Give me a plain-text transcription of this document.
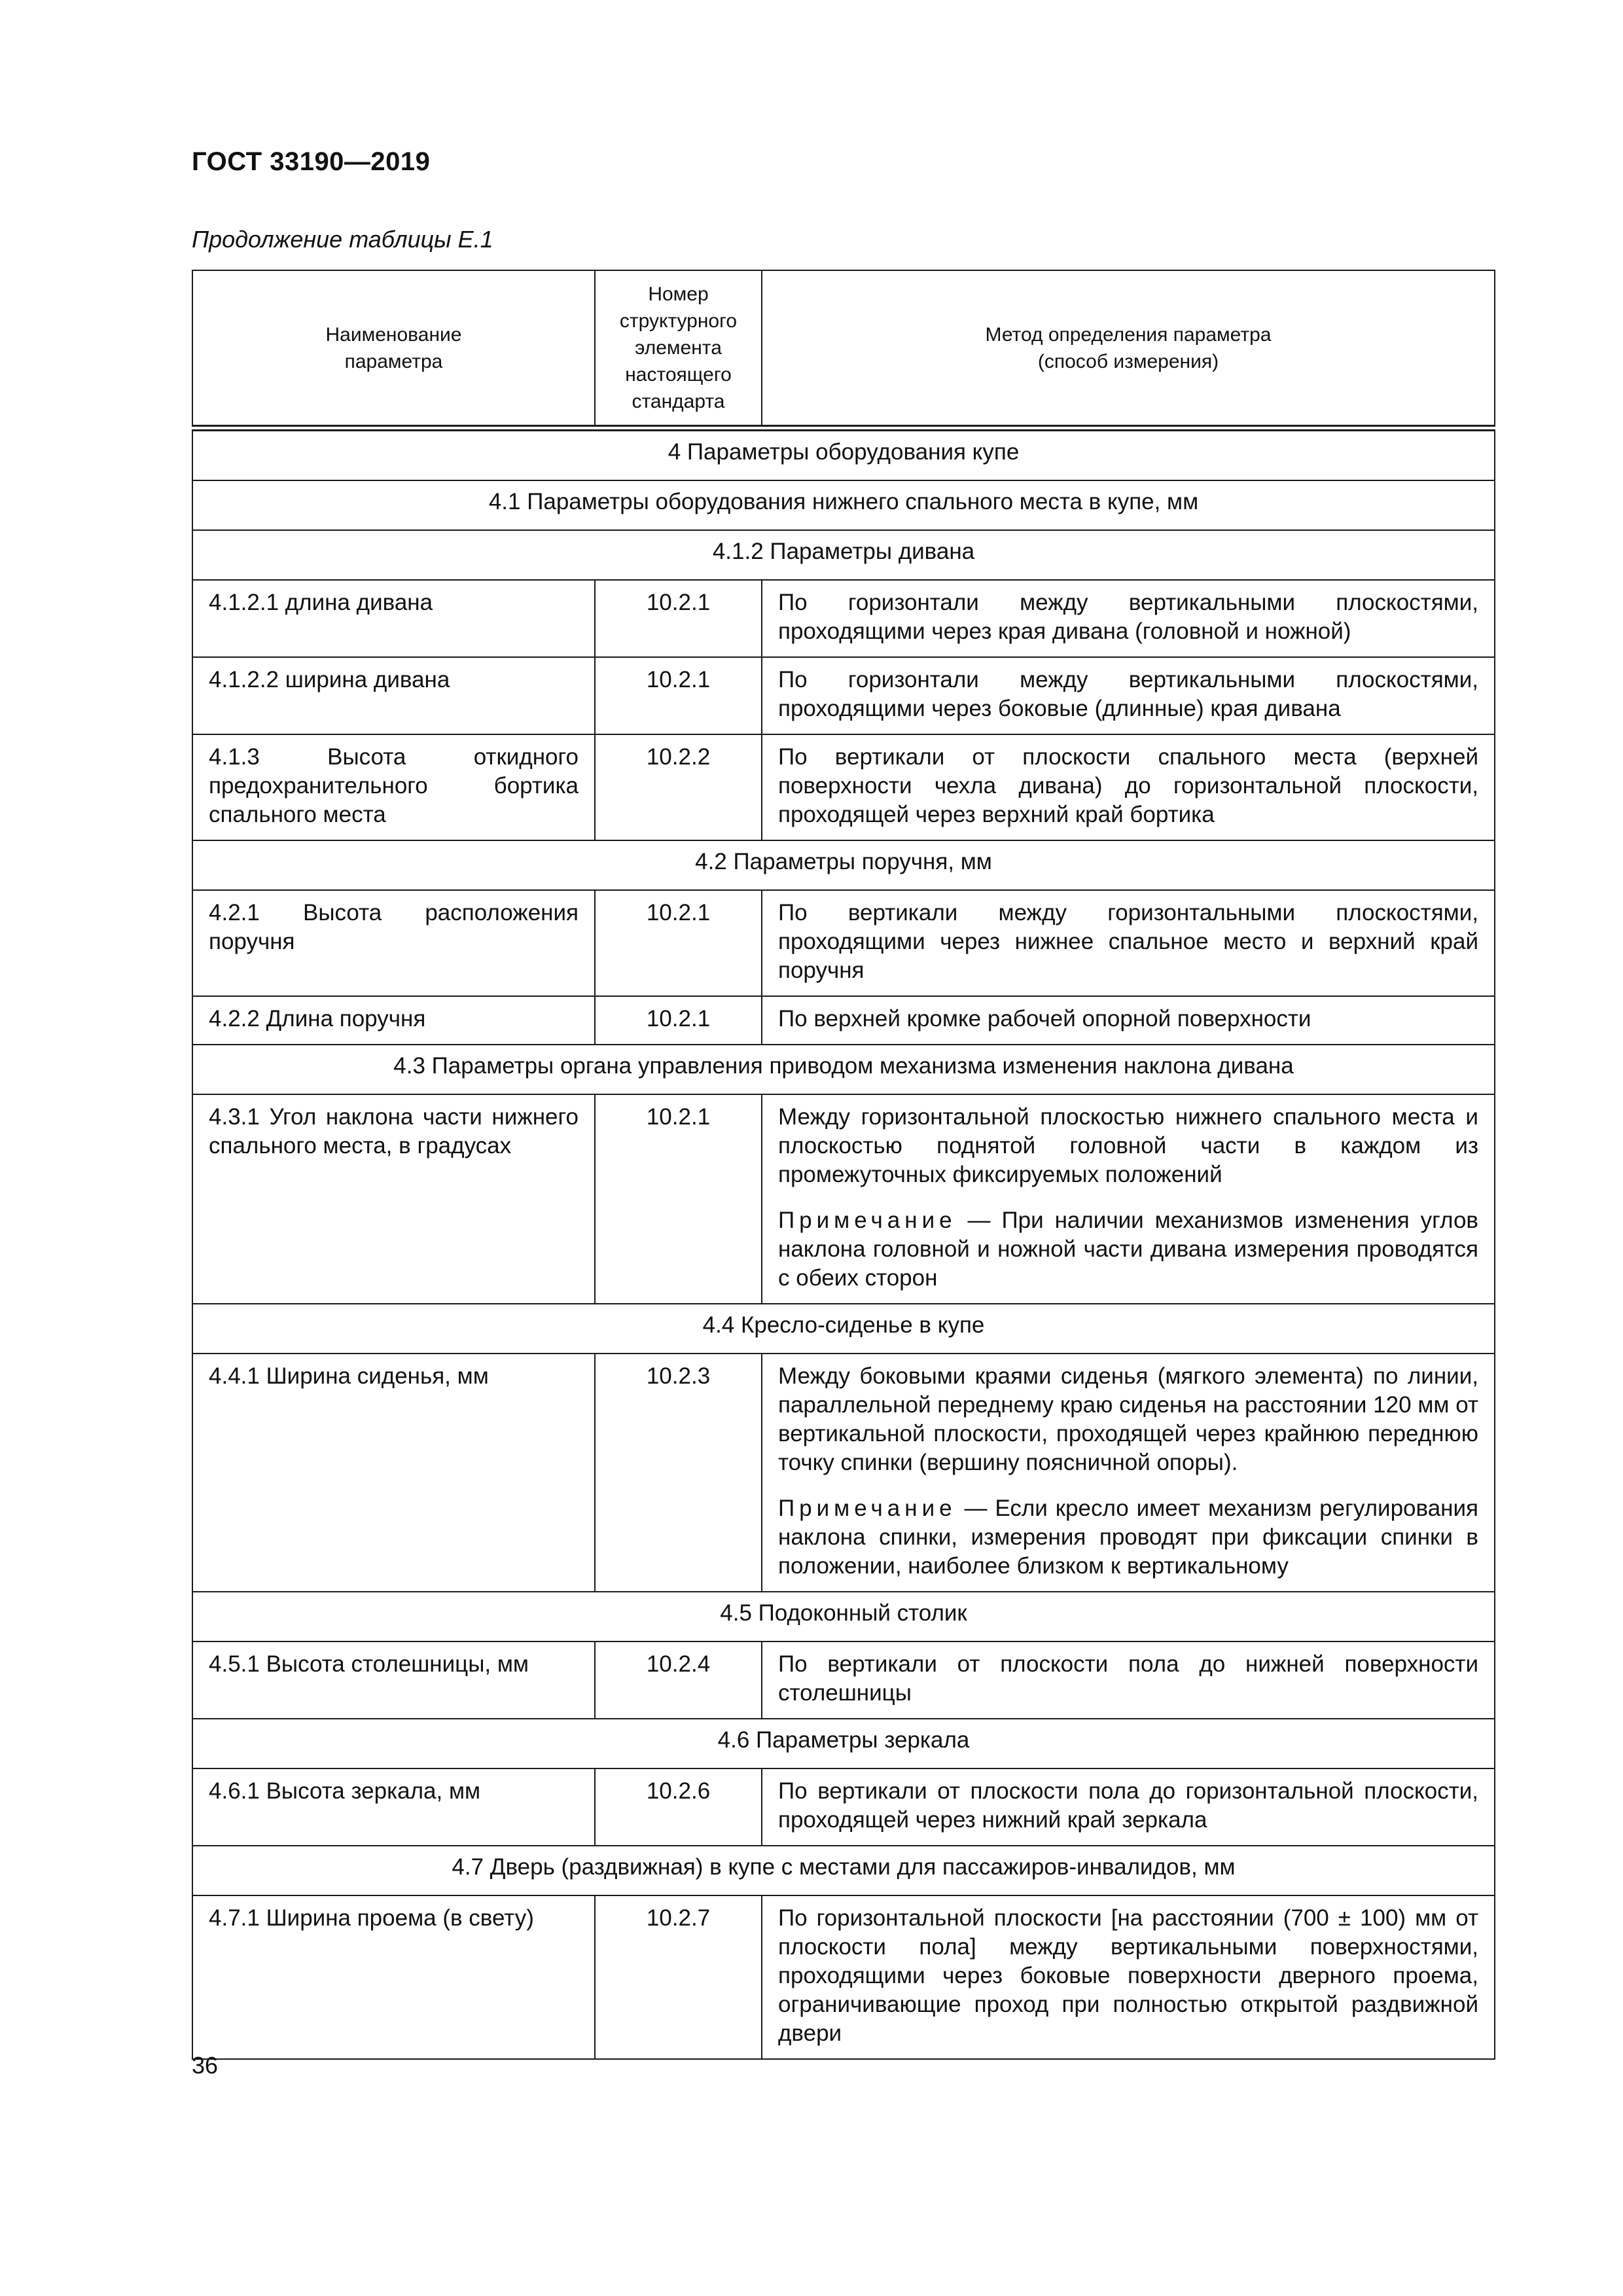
ГОСТ 33190—2019
Продолжение таблицы Е.1
Наименование параметра	Номер структурного элемента настоящего стандарта	Метод определения параметра (способ измерения)
4 Параметры оборудования купе		
4.1 Параметры оборудования нижнего спального места в купе, мм		
4.1.2 Параметры дивана		
4.1.2.1 длина дивана	10.2.1	По горизонтали между вертикальными плоскостями, проходящими через края дивана (головной и ножной)
4.1.2.2 ширина дивана	10.2.1	По горизонтали между вертикальными плоскостями, проходящими через боковые (длинные) края дивана
4.1.3 Высота откидного предохранительного бортика спального места	10.2.2	По вертикали от плоскости спального места (верхней поверхности чехла дивана) до горизонтальной плоскости, проходящей через верхний край бортика
4.2 Параметры поручня, мм		
4.2.1 Высота расположения поручня	10.2.1	По вертикали между горизонтальными плоскостями, проходящими через нижнее спальное место и верхний край поручня
4.2.2 Длина поручня	10.2.1	По верхней кромке рабочей опорной поверхности
4.3 Параметры органа управления приводом механизма изменения наклона дивана		
4.3.1 Угол наклона части нижнего спального места, в градусах	10.2.1	Между горизонтальной плоскостью нижнего спального места и плоскостью поднятой головной части в каждом из промежуточных фиксируемых положений
Примечание — При наличии механизмов изменения углов наклона головной и ножной части дивана измерения проводятся с обеих сторон

4.4 Кресло-сиденье в купе		
4.4.1 Ширина сиденья, мм	10.2.3	Между боковыми краями сиденья (мягкого элемента) по линии, параллельной переднему краю сиденья на расстоянии 120 мм от вертикальной плоскости, проходящей через крайнюю переднюю точку спинки (вершину поясничной опоры).
Примечание — Если кресло имеет механизм регулирования наклона спинки, измерения проводят при фиксации спинки в положении, наиболее близком к вертикальному

4.5 Подоконный столик		
4.5.1 Высота столешницы, мм	10.2.4	По вертикали от плоскости пола до нижней поверхности столешницы
4.6 Параметры зеркала		
4.6.1 Высота зеркала, мм	10.2.6	По вертикали от плоскости пола до горизонтальной плоскости, проходящей через нижний край зеркала
4.7 Дверь (раздвижная) в купе с местами для пассажиров-инвалидов, мм		
4.7.1 Ширина проема (в свету)	10.2.7	По горизонтальной плоскости [на расстоянии (700 ± 100) мм от плоскости пола] между вертикальными поверхностями, проходящими через боковые поверхности дверного проема, ограничивающие проход при полностью открытой раздвижной двери
36
